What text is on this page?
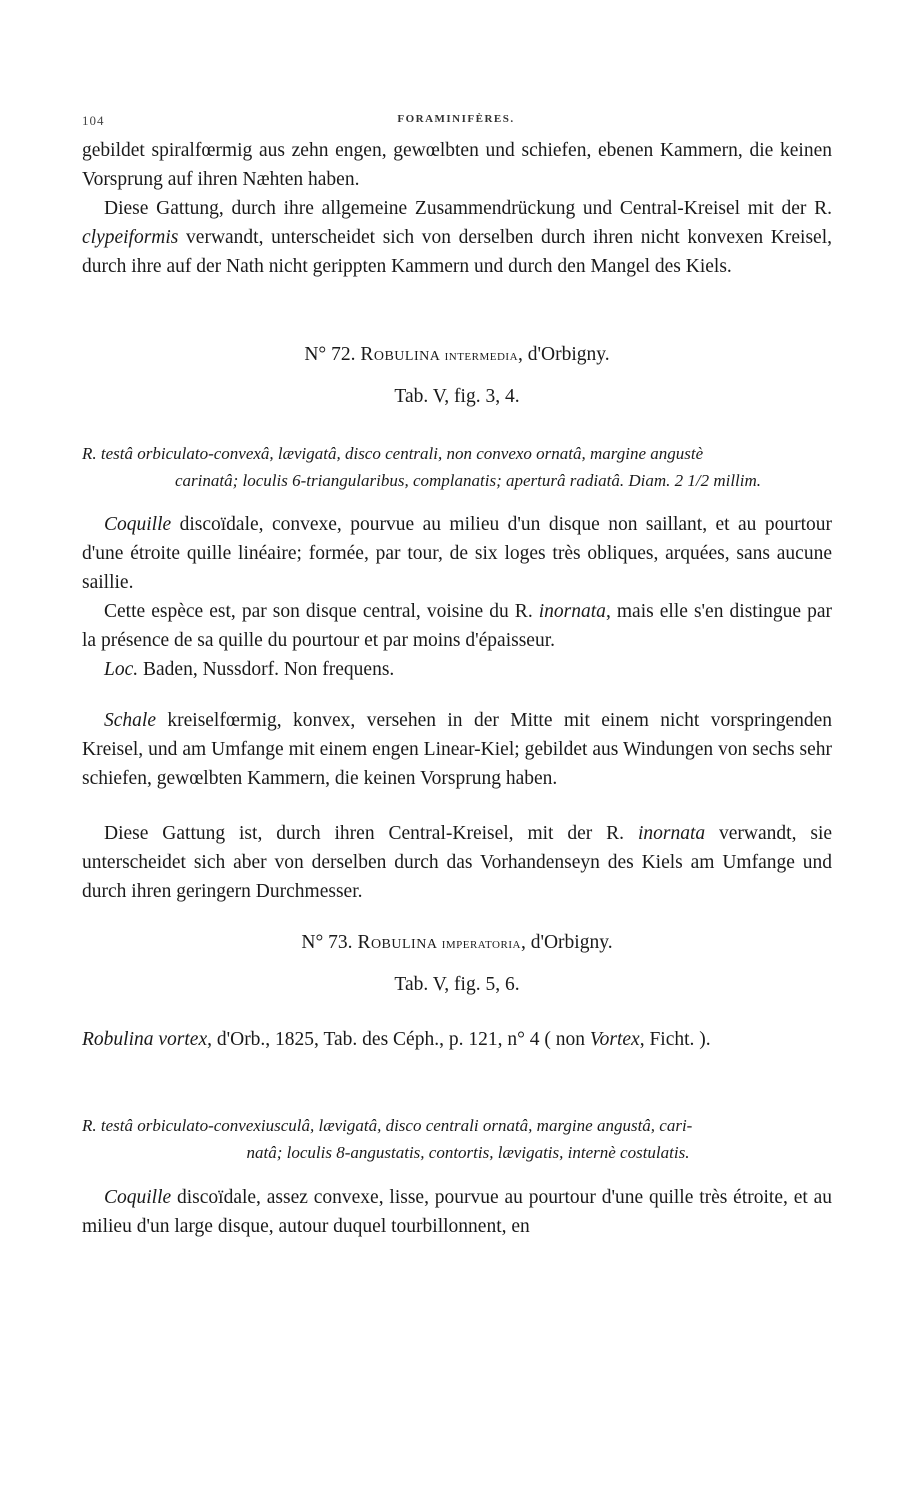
104	FORAMINIFÈRES.

gebildet spiralfœrmig aus zehn engen, gewœlbten und schiefen, ebenen Kammern, die keinen Vorsprung auf ihren Næhten haben.

Diese Gattung, durch ihre allgemeine Zusammendrückung und Central-Kreisel mit der R. clypeiformis verwandt, unterscheidet sich von derselben durch ihren nicht konvexen Kreisel, durch ihre auf der Nath nicht gerippten Kammern und durch den Mangel des Kiels.

N° 72. Robulina intermedia, d'Orbigny.

Tab. V, fig. 3, 4.

R. testâ orbiculato-convexâ, lævigatâ, disco centrali, non convexo ornatâ, margine angustè
carinatâ; loculis 6-triangularibus, complanatis; aperturâ radiatâ. Diam. 2 1/2 millim.

Coquille discoïdale, convexe, pourvue au milieu d'un disque non saillant, et au pourtour d'une étroite quille linéaire; formée, par tour, de six loges très obliques, arquées, sans aucune saillie.

Cette espèce est, par son disque central, voisine du R. inornata, mais elle s'en distingue par la présence de sa quille du pourtour et par moins d'épaisseur.

Loc. Baden, Nussdorf. Non frequens.

Schale kreiselfœrmig, konvex, versehen in der Mitte mit einem nicht vorspringenden Kreisel, und am Umfange mit einem engen Linear-Kiel; gebildet aus Windungen von sechs sehr schiefen, gewœlbten Kammern, die keinen Vorsprung haben.

Diese Gattung ist, durch ihren Central-Kreisel, mit der R. inornata verwandt, sie unterscheidet sich aber von derselben durch das Vorhandenseyn des Kiels am Umfange und durch ihren geringern Durchmesser.

N° 73. Robulina imperatoria, d'Orbigny.

Tab. V, fig. 5, 6.

Robulina vortex, d'Orb., 1825, Tab. des Céph., p. 121, n° 4 ( non Vortex, Ficht. ).

R. testâ orbiculato-convexiusculâ, lævigatâ, disco centrali ornatâ, margine angustâ, cari-
natâ; loculis 8-angustatis, contortis, lævigatis, internè costulatis.

Coquille discoïdale, assez convexe, lisse, pourvue au pourtour d'une quille très étroite, et au milieu d'un large disque, autour duquel tourbillonnent, en
